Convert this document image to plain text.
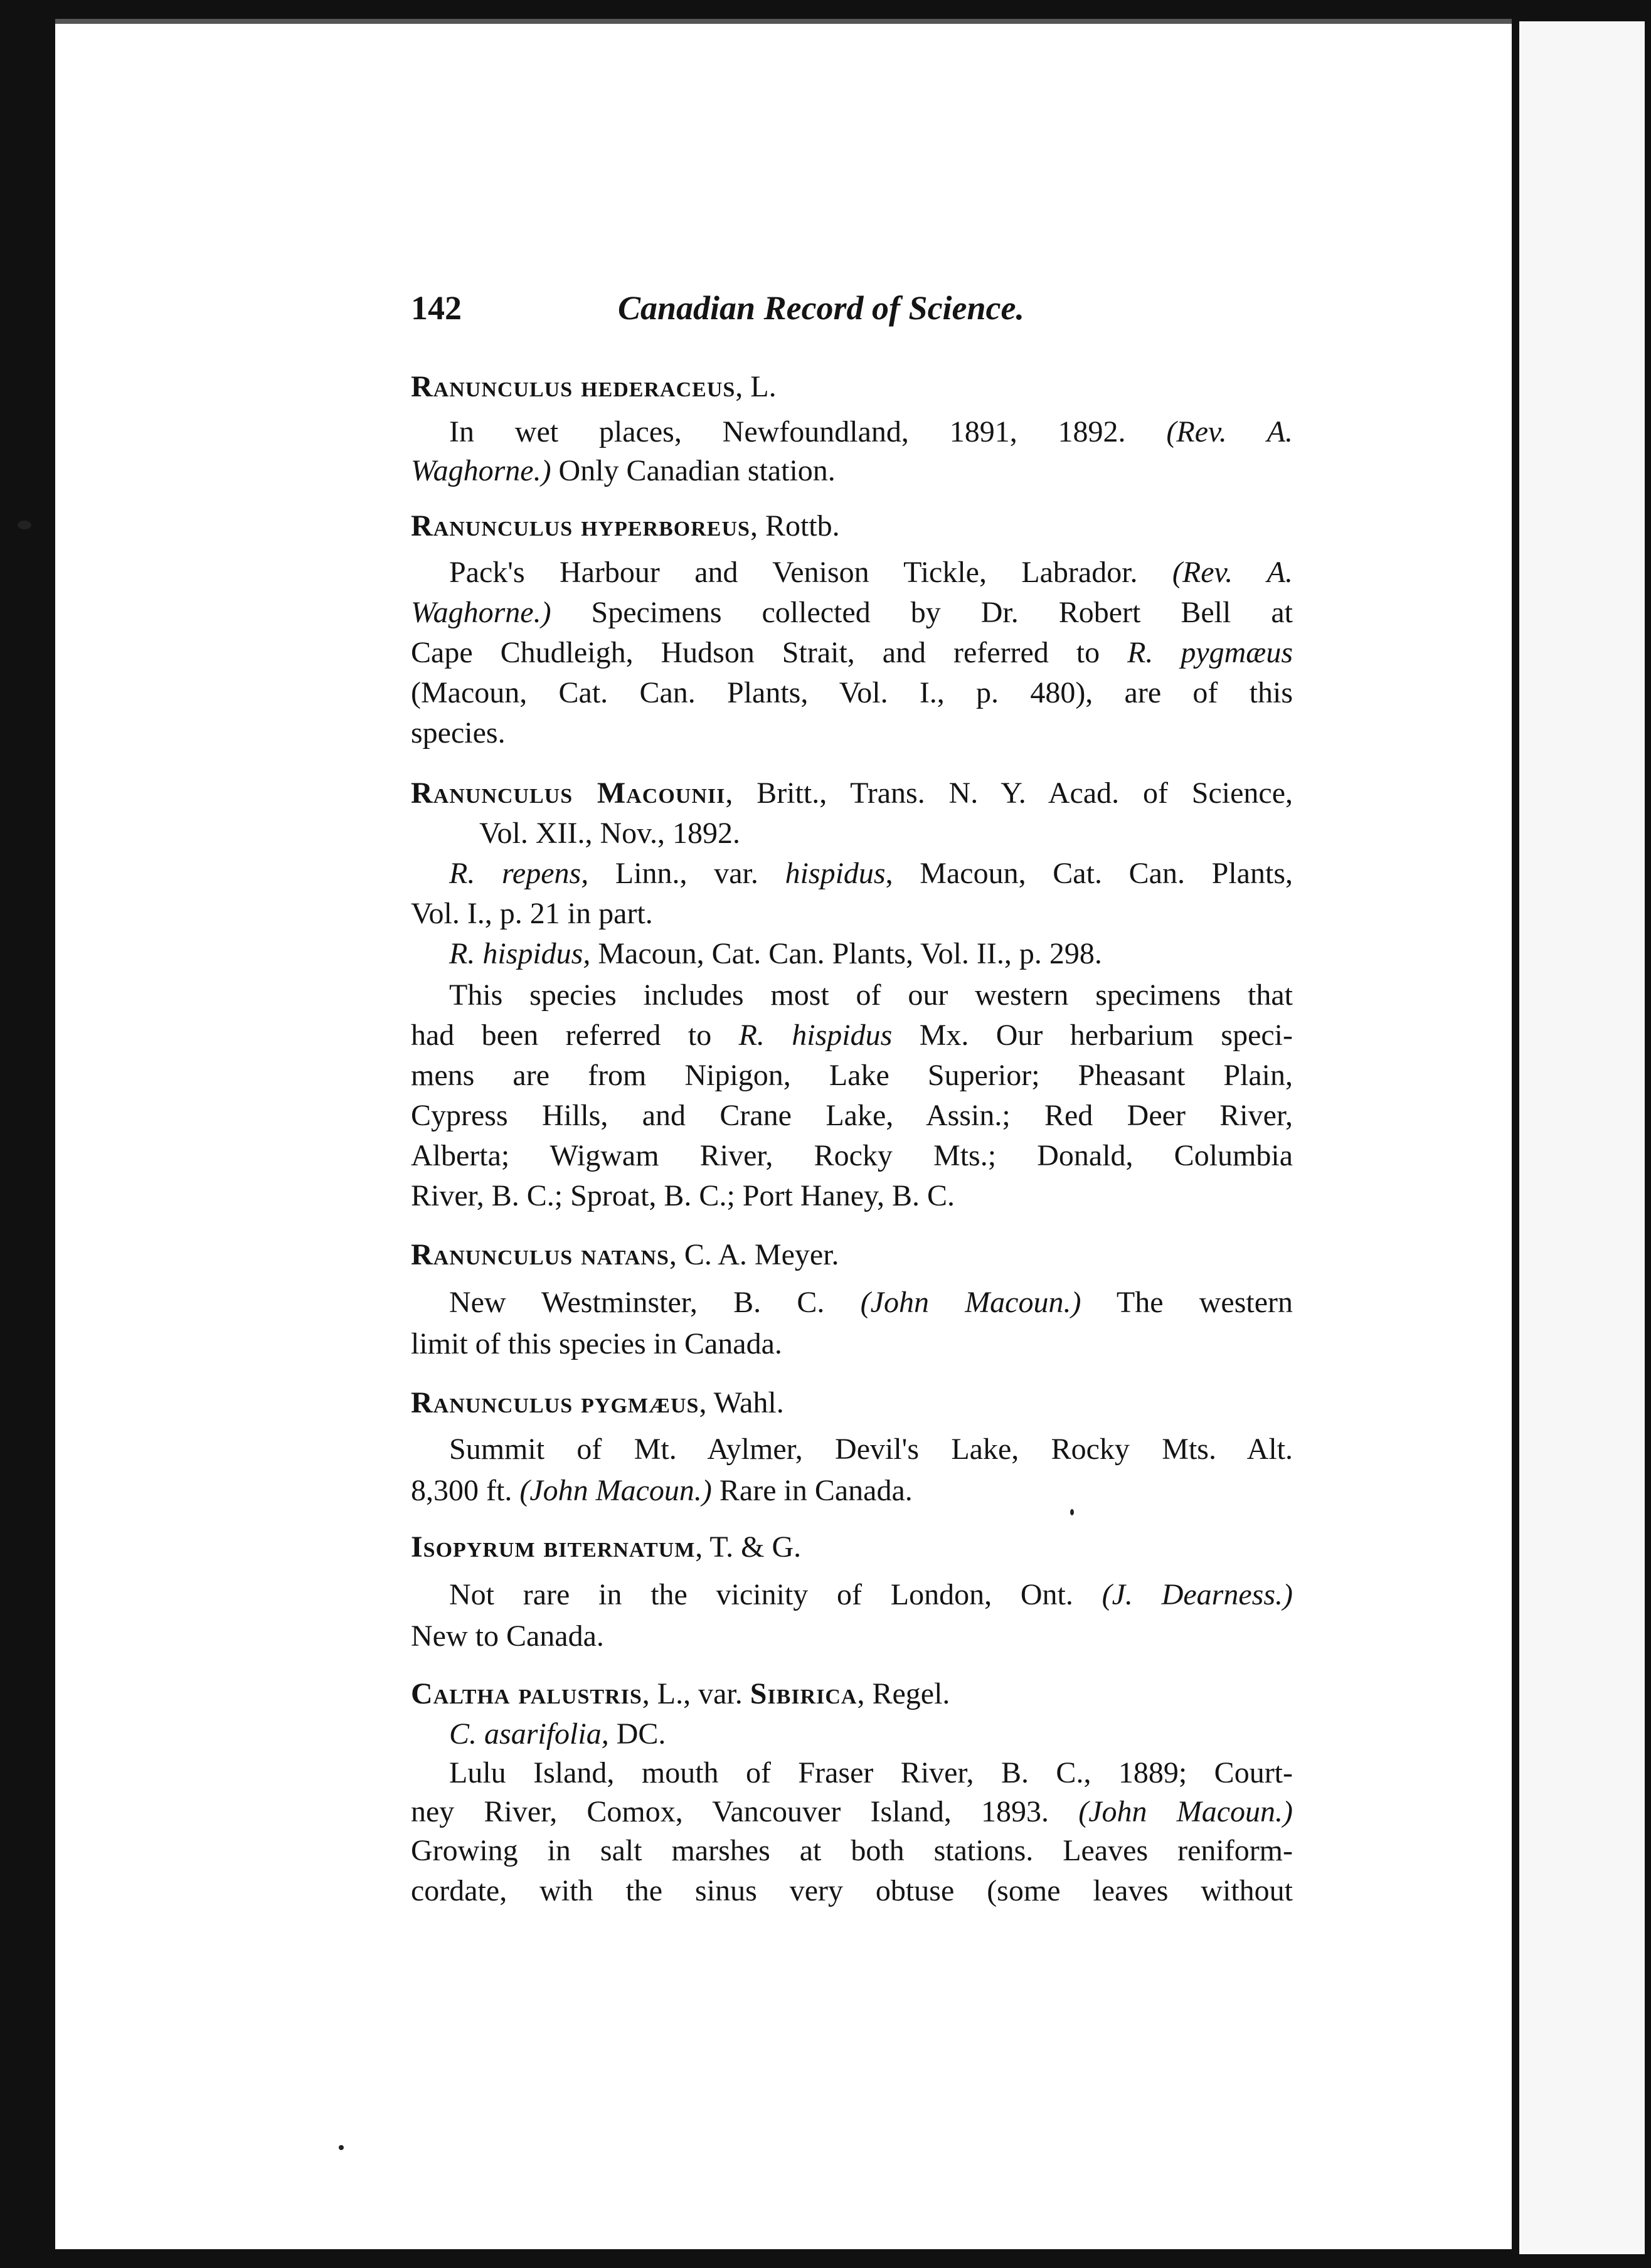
142	Canadian Record of Science.
Ranunculus hederaceus, L.
In wet places, Newfoundland, 1891, 1892. (Rev. A.
Waghorne.) Only Canadian station.
Ranunculus hyperboreus, Rottb.
Pack's Harbour and Venison Tickle, Labrador. (Rev. A.
Waghorne.) Specimens collected by Dr. Robert Bell at
Cape Chudleigh, Hudson Strait, and referred to R. pygmæus
(Macoun, Cat. Can. Plants, Vol. I., p. 480), are of this
species.
Ranunculus Macounii, Britt., Trans. N. Y. Acad. of Science,
Vol. XII., Nov., 1892.
R. repens, Linn., var. hispidus, Macoun, Cat. Can. Plants,
Vol. I., p. 21 in part.
R. hispidus, Macoun, Cat. Can. Plants, Vol. II., p. 298.
This species includes most of our western specimens that
had been referred to R. hispidus Mx. Our herbarium speci-
mens are from Nipigon, Lake Superior; Pheasant Plain,
Cypress Hills, and Crane Lake, Assin.; Red Deer River,
Alberta; Wigwam River, Rocky Mts.; Donald, Columbia
River, B. C.; Sproat, B. C.; Port Haney, B. C.
Ranunculus natans, C. A. Meyer.
New Westminster, B. C. (John Macoun.) The western
limit of this species in Canada.
Ranunculus pygmæus, Wahl.
Summit of Mt. Aylmer, Devil's Lake, Rocky Mts. Alt.
8,300 ft. (John Macoun.) Rare in Canada.
Isopyrum biternatum, T. & G.
Not rare in the vicinity of London, Ont. (J. Dearness.)
New to Canada.
Caltha palustris, L., var. Sibirica, Regel.
C. asarifolia, DC.
Lulu Island, mouth of Fraser River, B. C., 1889; Court-
ney River, Comox, Vancouver Island, 1893. (John Macoun.)
Growing in salt marshes at both stations. Leaves reniform-
cordate, with the sinus very obtuse (some leaves without
